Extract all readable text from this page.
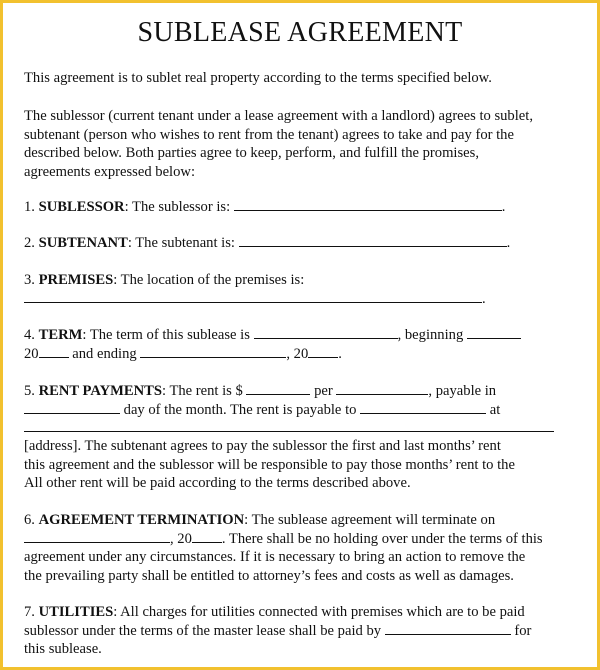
SUBLEASE AGREEMENT
This agreement is to sublet real property according to the terms specified below.
The sublessor (current tenant under a lease agreement with a landlord) agrees to sublet,
subtenant (person who wishes to rent from the tenant) agrees to take and pay for the
described below. Both parties agree to keep, perform, and fulfill the promises,
agreements expressed below:
1. SUBLESSOR: The sublessor is:	.
2. SUBTENANT: The subtenant is:	.
3. PREMISES: The location of the premises is:
.
4. TERM: The term of this sublease is	, beginning
20 and ending	, 20 .
5. RENT PAYMENTS: The rent is $	per	, payable in
day of the month. The rent is payable to	at
[address]. The subtenant agrees to pay the sublessor the first and last months’ rent
this agreement and the sublessor will be responsible to pay those months’ rent to the
All other rent will be paid according to the terms described above.
6. AGREEMENT TERMINATION: The sublease agreement will terminate on
, 20 . There shall be no holding over under the terms of this
agreement under any circumstances. If it is necessary to bring an action to remove the
the prevailing party shall be entitled to attorney’s fees and costs as well as damages.
7. UTILITIES: All charges for utilities connected with premises which are to be paid
sublessor under the terms of the master lease shall be paid by	for
this sublease.
